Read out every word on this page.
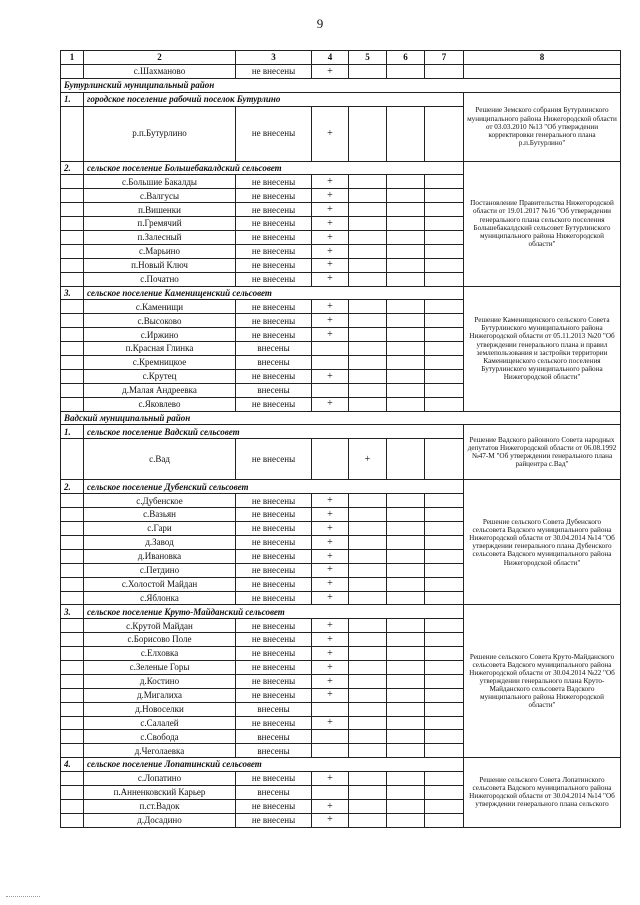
9
1	2	3	4	5	6	7	8
	с.Шахманово	не внесены	+				
Бутурлинский муниципальный район							
1.	городское поселение рабочий поселок Бутурлино						Решение Земского собрания Бутурлинского муниципального района Нижегородской области от 03.03.2010 №13 "Об утверждении корректировки генерального плана р.п.Бутурлино"
	р.п.Бутурлино	не внесены	+				
2.	сельское поселение Большебакалдский сельсовет						Постановление Правительства Нижегородской области от 19.01.2017 №16 "Об утверждении генерального плана сельского поселения Большебакалдский сельсовет Бутурлинского муниципального района Нижегородской области"
	с.Большие Бакалды	не внесены	+				
	с.Валгусы	не внесены	+				
	п.Вишенки	не внесены	+				
	п.Гремячий	не внесены	+				
	п.Залесный	не внесены	+				
	с.Марьино	не внесены	+				
	п.Новый Ключ	не внесены	+				
	с.Початно	не внесены	+				
3.	сельское поселение Каменищенский сельсовет						Решение Каменищенского сельского Совета Бутурлинского муниципального района Нижегородской области от 05.11.2013 №20 "Об утверждении генерального плана и правил землепользования и застройки территории Каменищенского сельского поселения Бутурлинского муниципального района Нижегородской области"
	с.Каменищи	не внесены	+				
	с.Высоково	не внесены	+				
	с.Иржино	не внесены	+				
	п.Красная Глинка	внесены					
	с.Кремницкое	внесены					
	с.Крутец	не внесены	+				
	д.Малая Андреевка	внесены					
	с.Яковлево	не внесены	+				
Вадский муниципальный район							
1.	сельское поселение Вадский сельсовет						Решение Вадского районного Совета народных депутатов Нижегородской области от 06.08.1992 №47-М "Об утверждении генерального плана райцентра с.Вад"
	с.Вад	не внесены		+			
2.	сельское поселение Дубенский сельсовет						Решение сельского Совета Дубенского сельсовета Вадского муниципального района Нижегородской области от 30.04.2014 №14 "Об утверждении генерального плана Дубенского сельсовета Вадского муниципального района Нижегородской области"
	с.Дубенское	не внесены	+				
	с.Вазьян	не внесены	+				
	с.Гари	не внесены	+				
	д.Завод	не внесены	+				
	д.Ивановка	не внесены	+				
	с.Петдино	не внесены	+				
	с.Холостой Майдан	не внесены	+				
	с.Яблонка	не внесены	+				
3.	сельское поселение Круто-Майданский сельсовет						Решение сельского Совета Круто-Майданского сельсовета Вадского муниципального района Нижегородской области от 30.04.2014 №22 "Об утверждении генерального плана Круто-Майданского сельсовета Вадского муниципального района Нижегородской области"
	с.Крутой Майдан	не внесены	+				
	с.Борисово Поле	не внесены	+				
	с.Елховка	не внесены	+				
	с.Зеленые Горы	не внесены	+				
	д.Костино	не внесены	+				
	д.Мигалиха	не внесены	+				
	д.Новоселки	внесены					
	с.Салалей	не внесены	+				
	с.Свобода	внесены					
	д.Чеголаевка	внесены					
4.	сельское поселение Лопатинский сельсовет						Решение сельского Совета Лопатинского сельсовета Вадского муниципального района Нижегородской области от 30.04.2014 №14 "Об утверждении генерального плана сельского
	с.Лопатино	не внесены	+				
	п.Анненковский Карьер	внесены					
	п.ст.Вадок	не внесены	+				
	д.Досадино	не внесены	+				
